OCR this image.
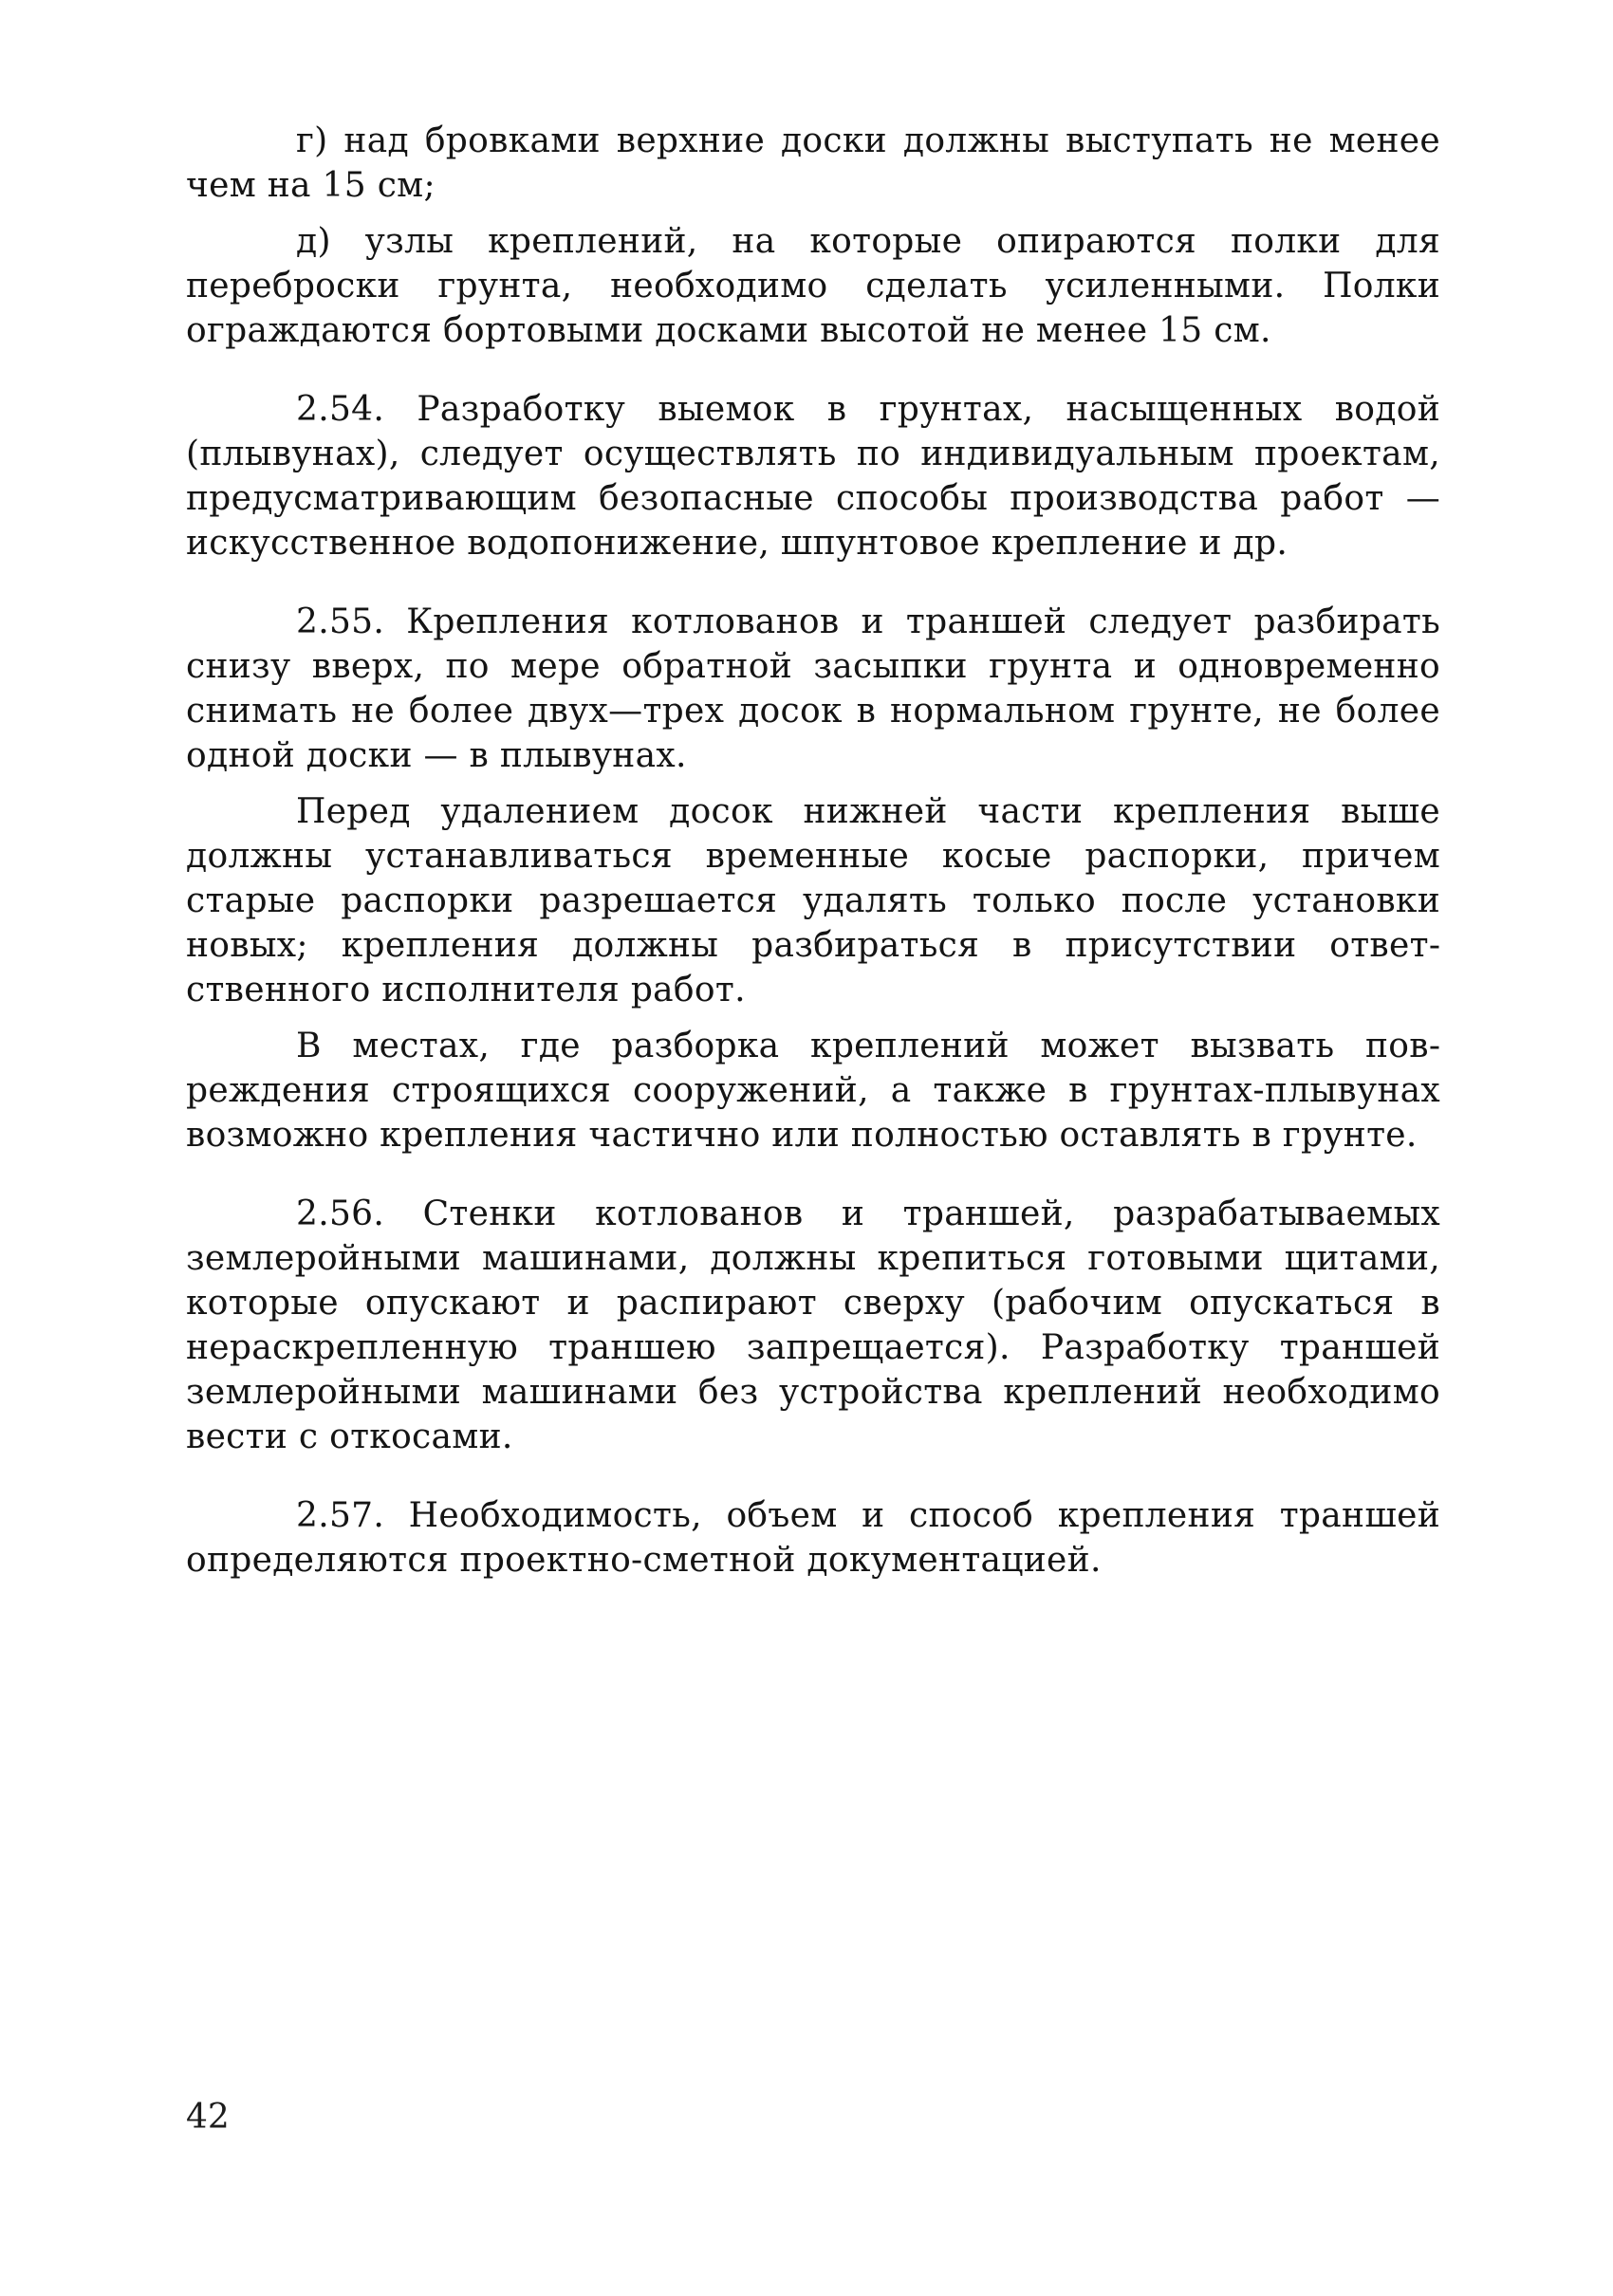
г) над бровками верхние доски должны выступать не менее чем на 15 см;

д) узлы креплений, на которые опираются полки для переброски грунта, необходимо сделать усиленными. Полки ограждаются бортовыми досками высотой не менее 15 см.

2.54. Разработку выемок в грунтах, насыщенных водой (плывунах), следует осуществлять по индивидуальным проектам, предусматривающим безопасные способы производства работ — искусственное водопонижение, шпунтовое крепление и др.

2.55. Крепления котлованов и траншей следует разбирать снизу вверх, по мере обратной засыпки грунта и одновременно снимать не более двух—трех досок в нормальном грунте, не более одной доски — в плывунах.

Перед удалением досок нижней части крепления выше должны устанавливаться временные косые распорки, причем старые распорки разрешается удалять только после установки новых; крепления должны разбираться в присутствии ответственного исполнителя работ.

В местах, где разборка креплений может вызвать повреждения строящихся сооружений, а также в грунтах-плывунах возможно крепления частично или полностью оставлять в грунте.

2.56. Стенки котлованов и траншей, разрабатываемых землеройными машинами, должны крепиться готовыми щитами, которые опускают и распирают сверху (рабочим опускаться в нераскрепленную траншею запрещается). Разработку траншей землеройными машинами без устройства креплений необходимо вести с откосами.

2.57. Необходимость, объем и способ крепления траншей определяются проектно-сметной документацией.

42
